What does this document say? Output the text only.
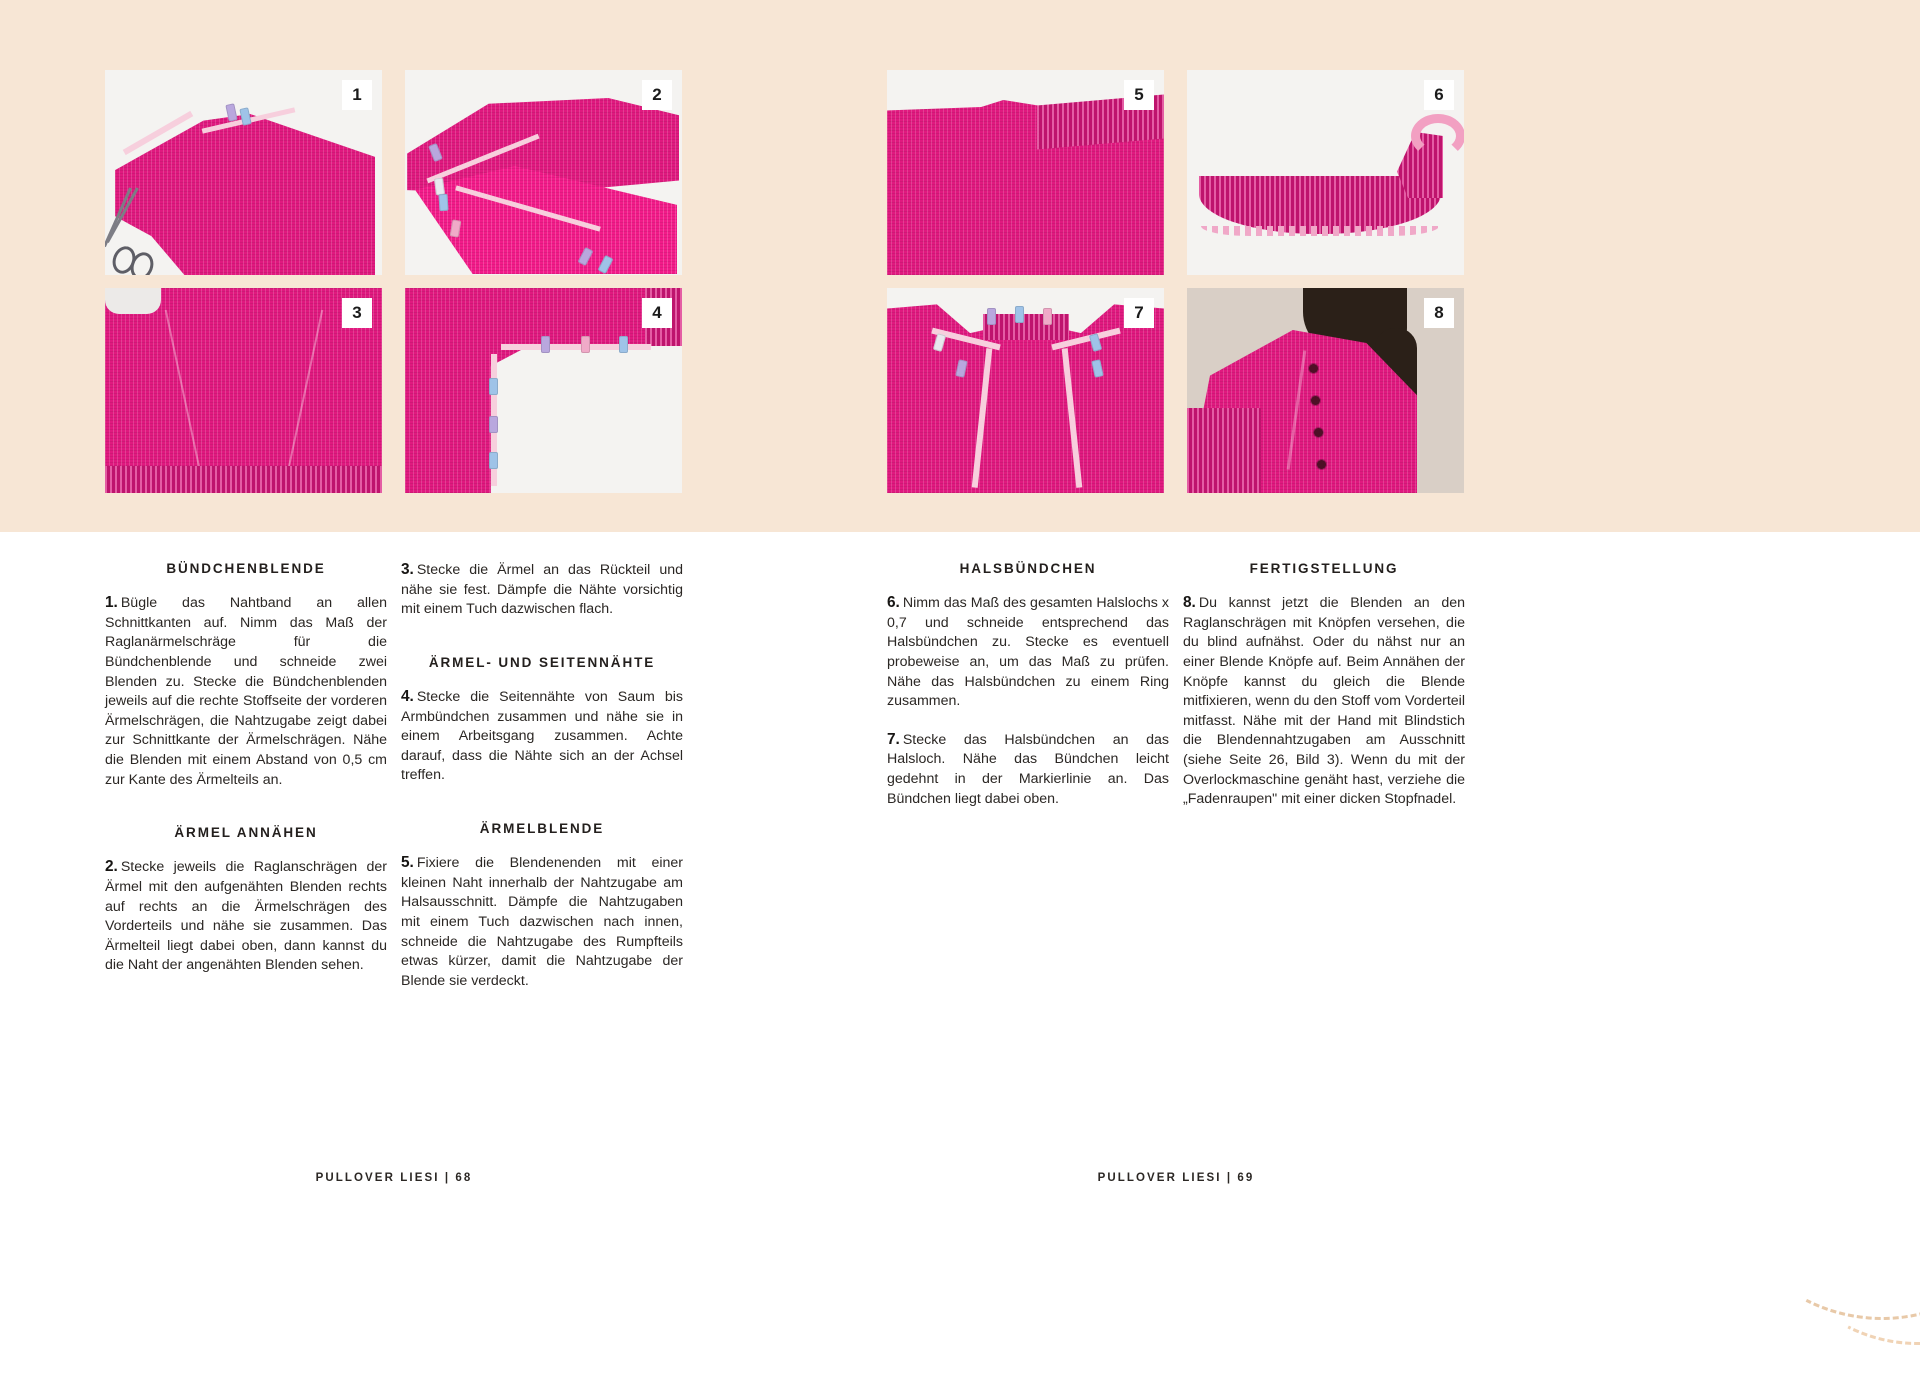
1	2
3	4
5	6
7	8
BÜNDCHENBLENDE

1. Bügle das Nahtband an allen Schnittkanten auf. Nimm das Maß der Raglanärmelschräge für die Bündchenblende und schneide zwei Blenden zu. Stecke die Bündchenblenden jeweils auf die rechte Stoffseite der vorderen Ärmelschrägen, die Nahtzugabe zeigt dabei zur Schnittkante der Ärmelschrägen. Nähe die Blenden mit einem Abstand von 0,5 cm zur Kante des Ärmelteils an.

ÄRMEL ANNÄHEN

2. Stecke jeweils die Raglanschrägen der Ärmel mit den aufgenähten Blenden rechts auf rechts an die Ärmelschrägen des Vorderteils und nähe sie zusammen. Das Ärmelteil liegt dabei oben, dann kannst du die Naht der angenähten Blenden sehen.

3. Stecke die Ärmel an das Rückteil und nähe sie fest. Dämpfe die Nähte vorsichtig mit einem Tuch dazwischen flach.

ÄRMEL- UND SEITENNÄHTE

4. Stecke die Seitennähte von Saum bis Armbündchen zusammen und nähe sie in einem Arbeitsgang zusammen. Achte darauf, dass die Nähte sich an der Achsel treffen.

ÄRMELBLENDE

5. Fixiere die Blendenenden mit einer kleinen Naht innerhalb der Nahtzugabe am Halsausschnitt. Dämpfe die Nahtzugaben mit einem Tuch dazwischen nach innen, schneide die Nahtzugabe des Rumpfteils etwas kürzer, damit die Nahtzugabe der Blende sie verdeckt.

HALSBÜNDCHEN

6. Nimm das Maß des gesamten Halslochs x 0,7 und schneide entsprechend das Halsbündchen zu. Stecke es eventuell probeweise an, um das Maß zu prüfen. Nähe das Halsbündchen zu einem Ring zusammen.

7. Stecke das Halsbündchen an das Halsloch. Nähe das Bündchen leicht gedehnt in der Markierlinie an. Das Bündchen liegt dabei oben.

FERTIGSTELLUNG

8. Du kannst jetzt die Blenden an den Raglanschrägen mit Knöpfen versehen, die du blind aufnähst. Oder du nähst nur an einer Blende Knöpfe auf. Beim Annähen der Knöpfe kannst du gleich die Blende mitfixieren, wenn du den Stoff vom Vorderteil mitfasst. Nähe mit der Hand mit Blindstich die Blendennahtzugaben am Ausschnitt (siehe Seite 26, Bild 3). Wenn du mit der Overlockmaschine genäht hast, verziehe die „Fadenraupen" mit einer dicken Stopfnadel.

PULLOVER LIESI | 68	PULLOVER LIESI | 69
